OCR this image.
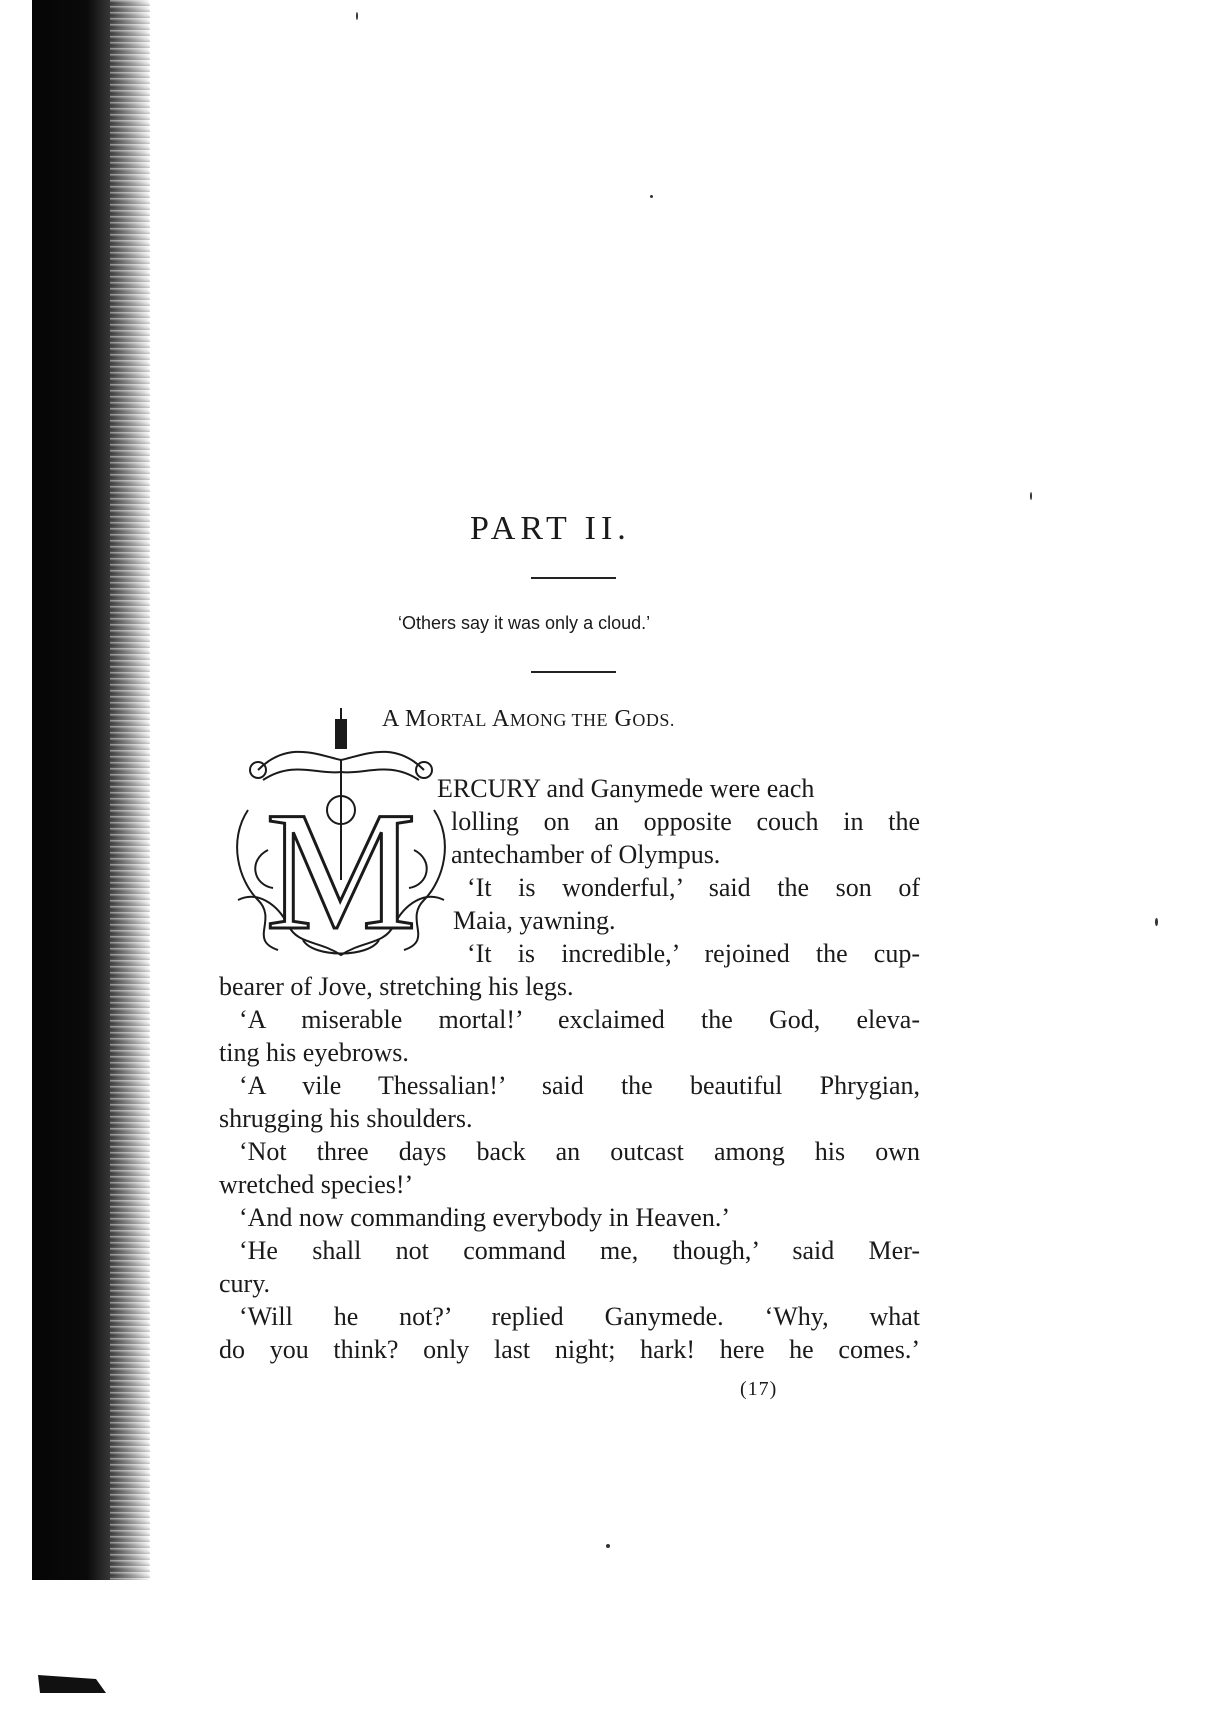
PART II.
‘Others say it was only a cloud.’
A MORTAL AMONG THE GODS.
M ERCURY and Ganymede were each
lolling on an opposite couch in the
antechamber of Olympus.
‘It is wonderful,’ said the son of
Maia, yawning.
‘It is incredible,’ rejoined the cup-
bearer of Jove, stretching his legs.
‘A miserable mortal!’ exclaimed the God, eleva-
ting his eyebrows.
‘A vile Thessalian!’ said the beautiful Phrygian,
shrugging his shoulders.
‘Not three days back an outcast among his own
wretched species!’
‘And now commanding everybody in Heaven.’
‘He shall not command me, though,’ said Mer-
cury.
‘Will he not?’ replied Ganymede. ‘Why, what
do you think? only last night; hark! here he comes.’
(17)
